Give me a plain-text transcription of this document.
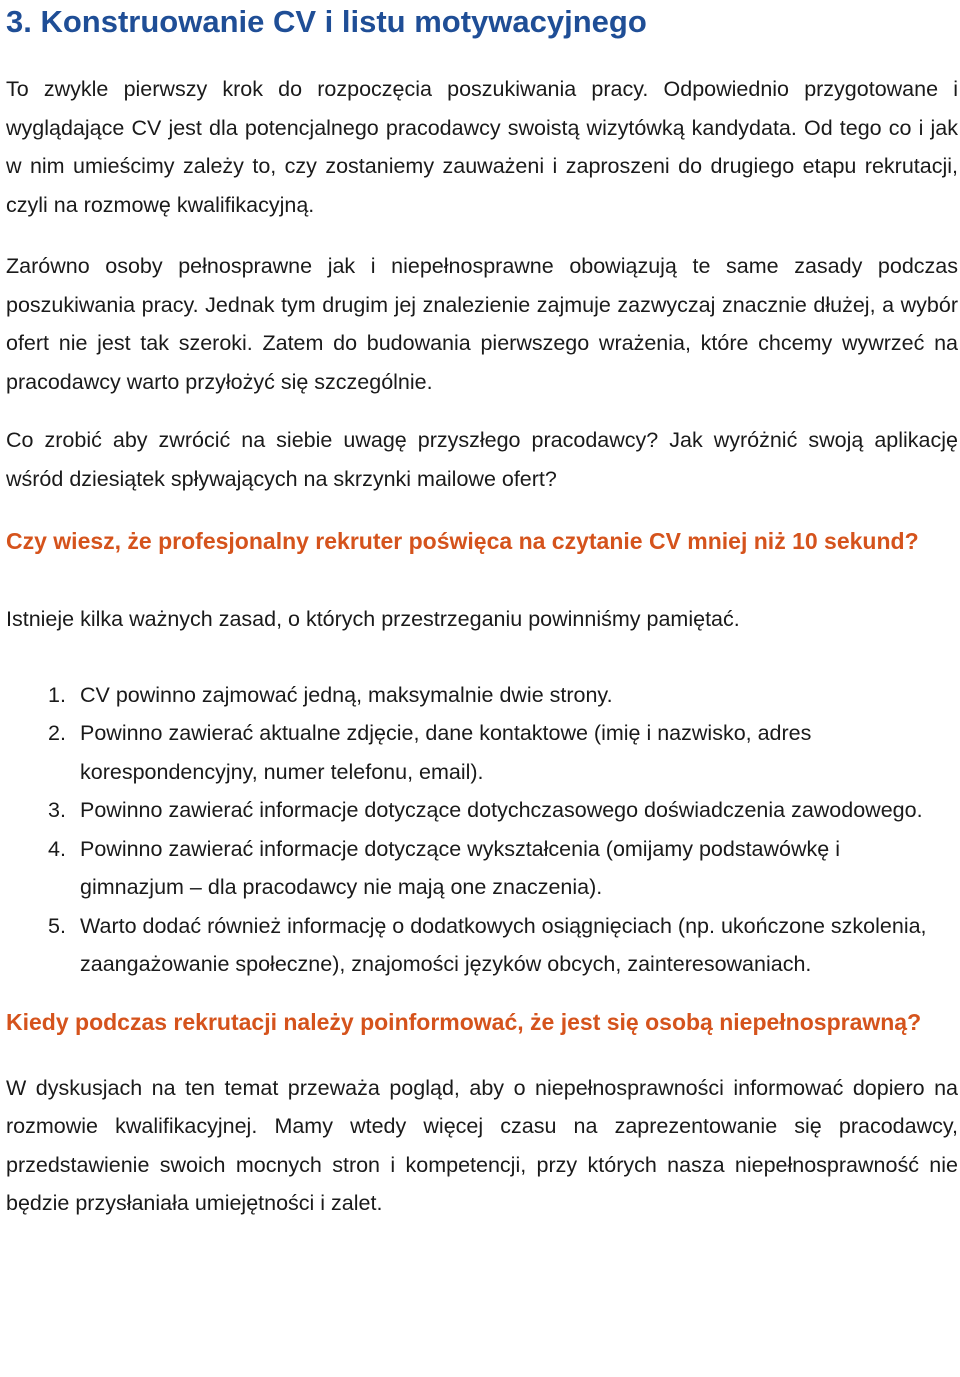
3. Konstruowanie CV i listu motywacyjnego

To zwykle pierwszy krok do rozpoczęcia poszukiwania pracy. Odpowiednio przygotowane i wyglądające CV jest dla potencjalnego pracodawcy swoistą wizytówką kandydata. Od tego co i jak w nim umieścimy zależy to, czy zostaniemy zauważeni i zaproszeni do drugiego etapu rekrutacji, czyli na rozmowę kwalifikacyjną.

Zarówno osoby pełnosprawne jak i niepełnosprawne obowiązują te same zasady podczas poszukiwania pracy. Jednak tym drugim jej znalezienie zajmuje zazwyczaj znacznie dłużej, a wybór ofert nie jest tak szeroki. Zatem do budowania pierwszego wrażenia, które chcemy wywrzeć na pracodawcy warto przyłożyć się szczególnie.

Co zrobić aby zwrócić na siebie uwagę przyszłego pracodawcy? Jak wyróżnić swoją aplikację wśród dziesiątek spływających na skrzynki mailowe ofert?

Czy wiesz, że profesjonalny rekruter poświęca na czytanie CV mniej niż 10 sekund?

Istnieje kilka ważnych zasad, o których przestrzeganiu powinniśmy pamiętać.

1 . CV powinno zajmować jedną, maksymalnie dwie strony.
2 . Powinno zawierać aktualne zdjęcie, dane kontaktowe (imię i nazwisko, adres korespondencyjny, numer telefonu, email).
3 . Powinno zawierać informacje dotyczące dotychczasowego doświadczenia zawodowego.
4 . Powinno zawierać informacje dotyczące wykształcenia (omijamy podstawówkę i gimnazjum – dla pracodawcy nie mają one znaczenia).
5 . Warto dodać również informację o dodatkowych osiągnięciach (np. ukończone szkolenia, zaangażowanie społeczne), znajomości języków obcych, zainteresowaniach.

Kiedy podczas rekrutacji należy poinformować, że jest się osobą niepełnosprawną?

W dyskusjach na ten temat przeważa pogląd, aby o niepełnosprawności informować dopiero na rozmowie kwalifikacyjnej. Mamy wtedy więcej czasu na zaprezentowanie się pracodawcy, przedstawienie swoich mocnych stron i kompetencji, przy których nasza niepełnosprawność nie będzie przysłaniała umiejętności i zalet.
